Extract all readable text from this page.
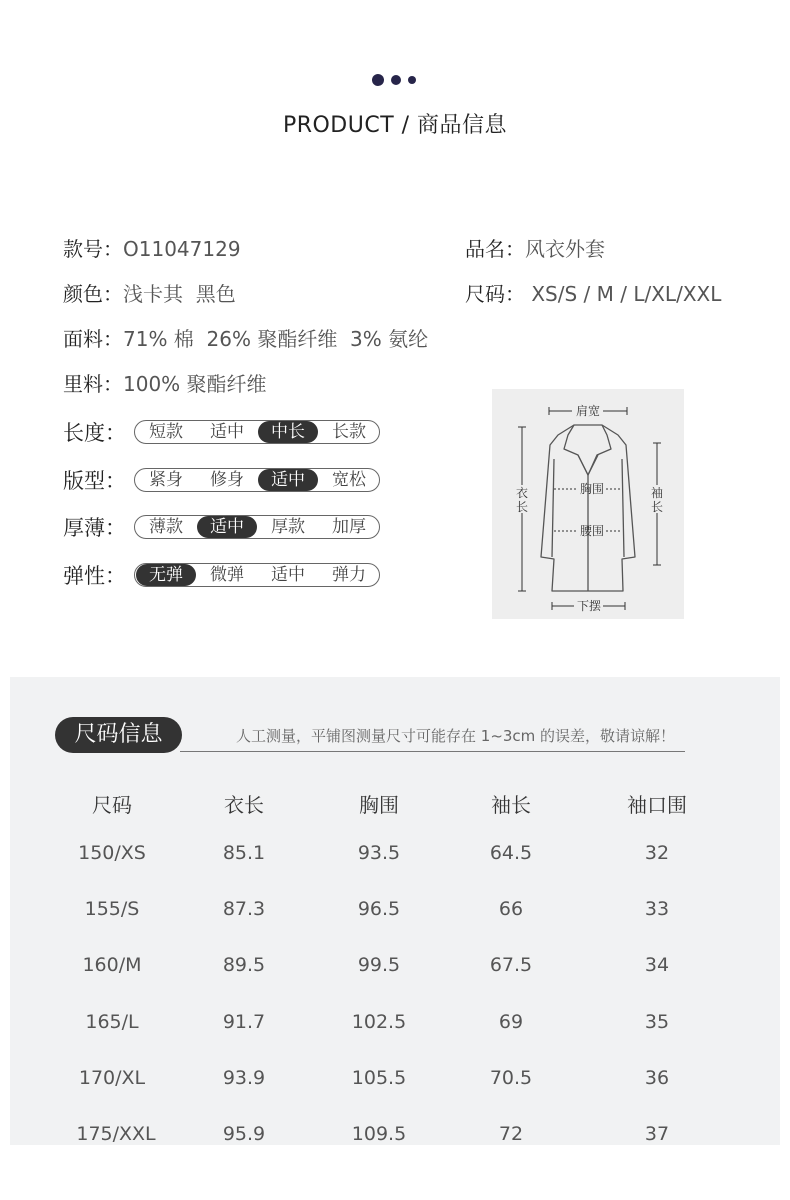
PRODUCT / 商品信息
款号：O11047129	品名：风衣外套
颜色：浅卡其  黑色	尺码： XS/S / M / L/XL/XXL
面料：71% 棉  26% 聚酯纤维  3% 氨纶
里料：100% 聚酯纤维
长度：	短款	适中	中长	长款
版型：	紧身	修身	适中	宽松
厚薄：	薄款	适中	厚款	加厚
弹性：	无弹	微弹	适中	弹力
肩宽
胸围
腰围
下摆
衣
长
袖
长
尺码信息	人工测量，平铺图测量尺寸可能存在 1~3cm 的误差，敬请谅解！
尺码	衣长	胸围	袖长	袖口围
150/XS	85.1	93.5	64.5	32
155/S	87.3	96.5	66	33
160/M	89.5	99.5	67.5	34
165/L	91.7	102.5	69	35
170/XL	93.9	105.5	70.5	36
175/XXL	95.9	109.5	72	37
